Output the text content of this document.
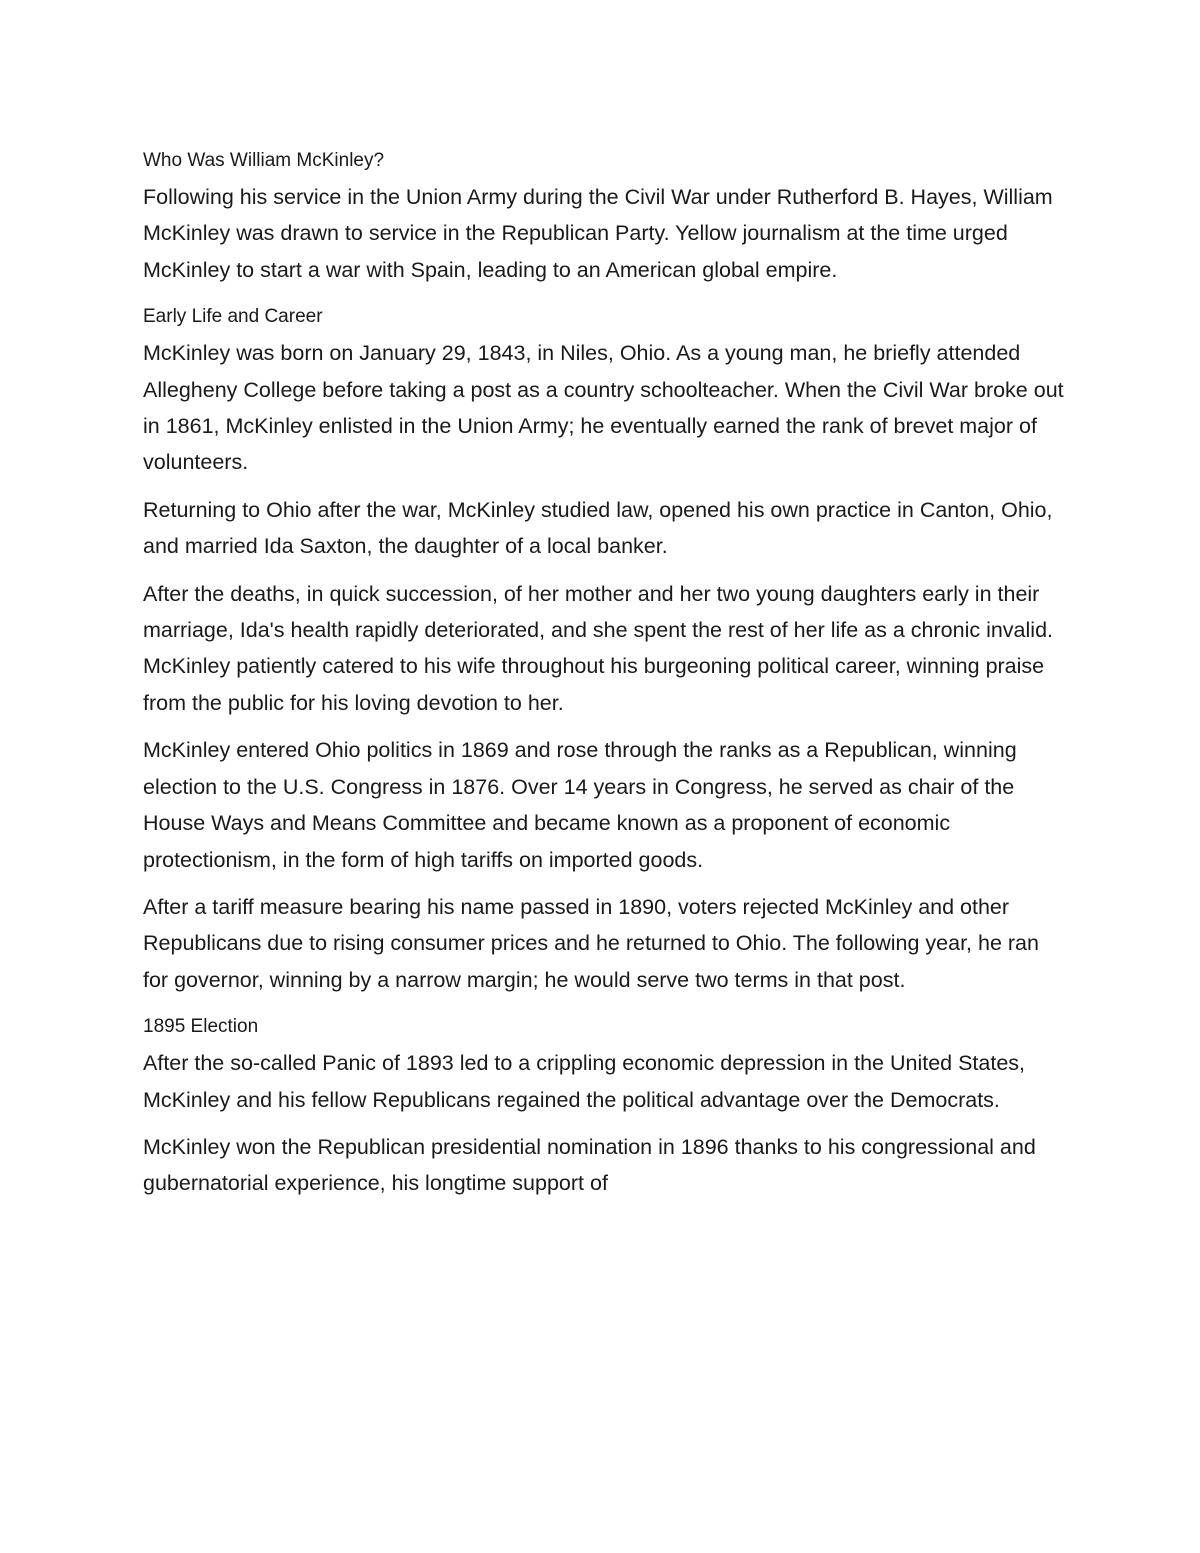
Who Was William McKinley?

Following his service in the Union Army during the Civil War under Rutherford B. Hayes, William McKinley was drawn to service in the Republican Party. Yellow journalism at the time urged McKinley to start a war with Spain, leading to an American global empire.

Early Life and Career

McKinley was born on January 29, 1843, in Niles, Ohio. As a young man, he briefly attended Allegheny College before taking a post as a country schoolteacher. When the Civil War broke out in 1861, McKinley enlisted in the Union Army; he eventually earned the rank of brevet major of volunteers.

Returning to Ohio after the war, McKinley studied law, opened his own practice in Canton, Ohio, and married Ida Saxton, the daughter of a local banker.

After the deaths, in quick succession, of her mother and her two young daughters early in their marriage, Ida's health rapidly deteriorated, and she spent the rest of her life as a chronic invalid. McKinley patiently catered to his wife throughout his burgeoning political career, winning praise from the public for his loving devotion to her.

McKinley entered Ohio politics in 1869 and rose through the ranks as a Republican, winning election to the U.S. Congress in 1876. Over 14 years in Congress, he served as chair of the House Ways and Means Committee and became known as a proponent of economic protectionism, in the form of high tariffs on imported goods.

After a tariff measure bearing his name passed in 1890, voters rejected McKinley and other Republicans due to rising consumer prices and he returned to Ohio. The following year, he ran for governor, winning by a narrow margin; he would serve two terms in that post.

1895 Election

After the so-called Panic of 1893 led to a crippling economic depression in the United States, McKinley and his fellow Republicans regained the political advantage over the Democrats.

McKinley won the Republican presidential nomination in 1896 thanks to his congressional and gubernatorial experience, his longtime support of
